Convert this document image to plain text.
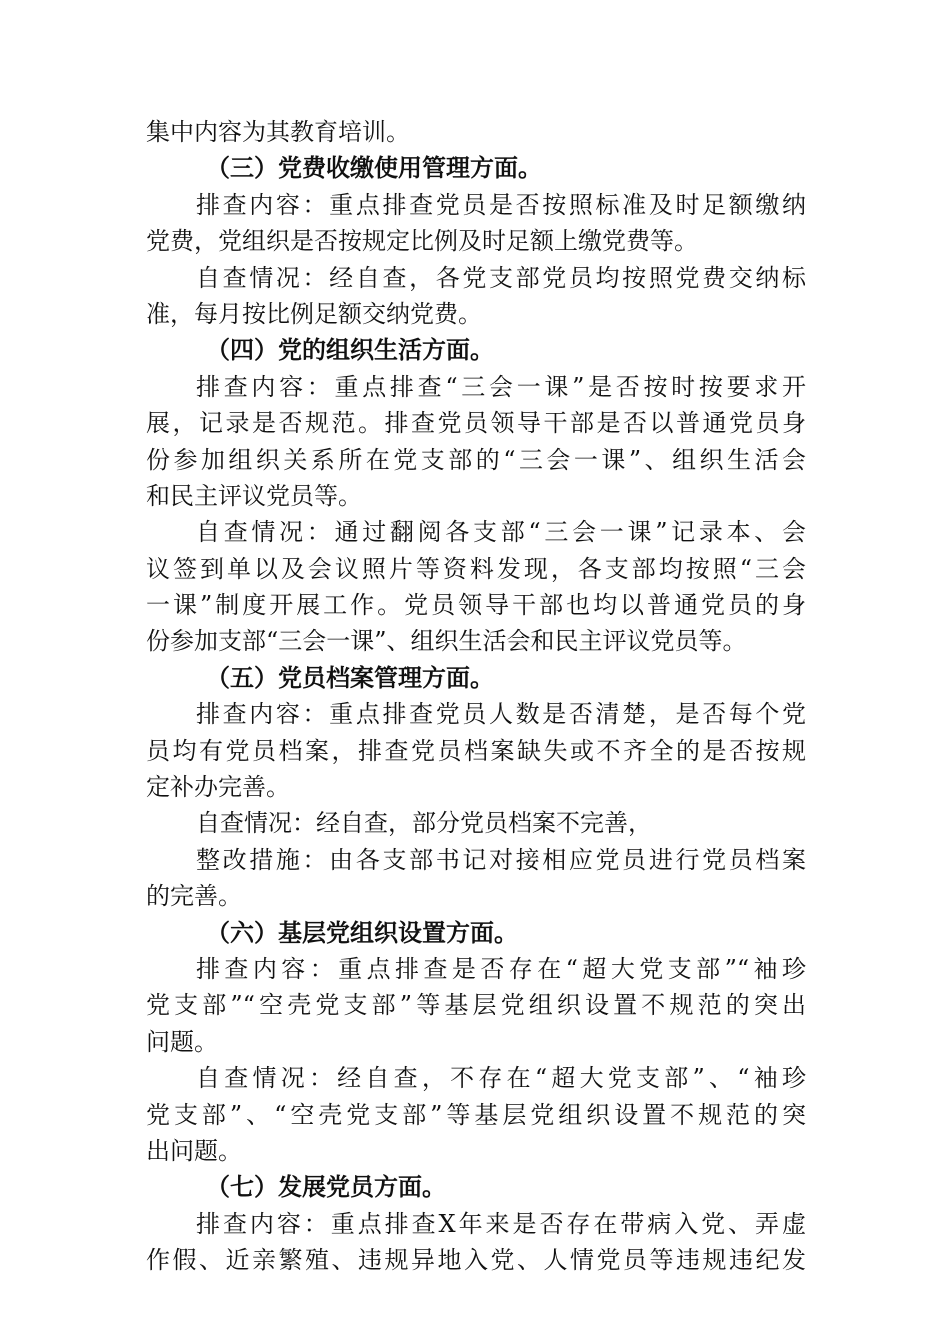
集中内容为其教育培训。
（三）党费收缴使用管理方面。
排查内容：重点排查党员是否按照标准及时足额缴纳
党费，党组织是否按规定比例及时足额上缴党费等。
自查情况：经自查，各党支部党员均按照党费交纳标
准，每月按比例足额交纳党费。
（四）党的组织生活方面。
排查内容：重点排查“三会一课”是否按时按要求开
展，记录是否规范。排查党员领导干部是否以普通党员身
份参加组织关系所在党支部的“三会一课”、组织生活会
和民主评议党员等。
自查情况：通过翻阅各支部“三会一课”记录本、会
议签到单以及会议照片等资料发现，各支部均按照“三会
一课”制度开展工作。党员领导干部也均以普通党员的身
份参加支部“三会一课”、组织生活会和民主评议党员等。
（五）党员档案管理方面。
排查内容：重点排查党员人数是否清楚，是否每个党
员均有党员档案，排查党员档案缺失或不齐全的是否按规
定补办完善。
自查情况：经自查，部分党员档案不完善，
整改措施：由各支部书记对接相应党员进行党员档案
的完善。
（六）基层党组织设置方面。
排查内容：重点排查是否存在“超大党支部”“袖珍
党支部”“空壳党支部”等基层党组织设置不规范的突出
问题。
自查情况：经自查，不存在“超大党支部”、“袖珍
党支部”、“空壳党支部”等基层党组织设置不规范的突
出问题。
（七）发展党员方面。
排查内容：重点排查X年来是否存在带病入党、弄虚
作假、近亲繁殖、违规异地入党、人情党员等违规违纪发
